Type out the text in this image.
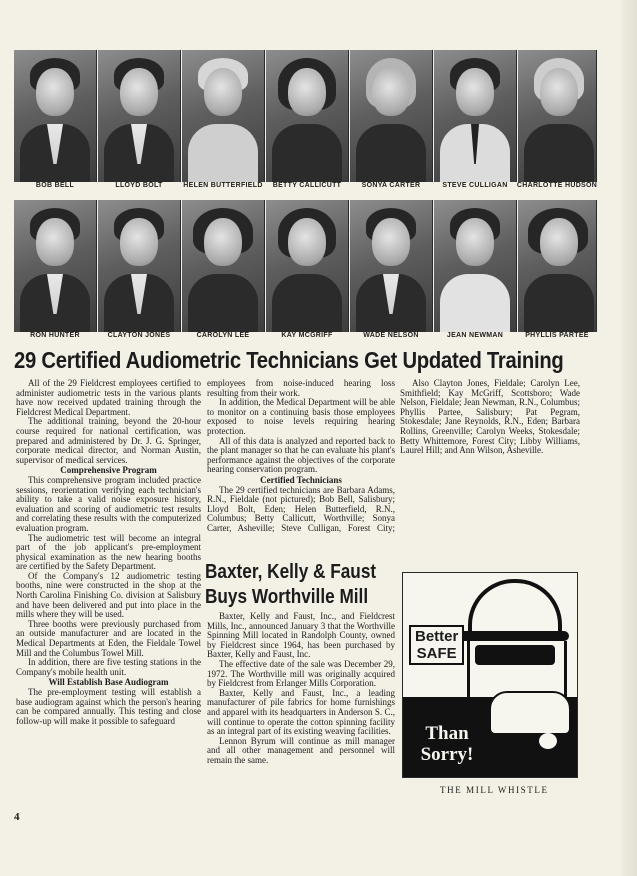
BOB BELL	LLOYD BOLT	HELEN BUTTERFIELD	BETTY CALLICUTT	SONYA CARTER	STEVE CULLIGAN	CHARLOTTE HUDSON
RON HUNTER	CLAYTON JONES	CAROLYN LEE	KAY MCGRIFF	WADE NELSON	JEAN NEWMAN	PHYLLIS PARTEE
29 Certified Audiometric Technicians Get Updated Training

All of the 29 Fieldcrest employees certified to administer audiometric tests in the various plants have now received updated training through the Fieldcrest Medical Department.

The additional training, beyond the 20-hour course required for national certification, was prepared and administered by Dr. J. G. Springer, corporate medical director, and Norman Austin, supervisor of medical services.

Comprehensive Program

This comprehensive program included practice sessions, reorientation verifying each technician's ability to take a valid noise exposure history, evaluation and scoring of audiometric test results and correlating these results with the computerized evaluation program.

The audiometric test will become an integral part of the job applicant's pre-employment physical examination as the new hearing booths are certified by the Safety Department.

Of the Company's 12 audiometric testing booths, nine were constructed in the shop at the North Carolina Finishing Co. division at Salisbury and have been delivered and put into place in the mills where they will be used.

Three booths were previously purchased from an outside manufacturer and are located in the Medical Departments at Eden, the Fieldale Towel Mill and the Columbus Towel Mill.

In addition, there are five testing stations in the Company's mobile health unit.

Will Establish Base Audiogram

The pre-employment testing will establish a base audiogram against which the person's hearing can be compared annually. This testing and close follow-up will make it possible to safeguard

employees from noise-induced hearing loss resulting from their work.

In addition, the Medical Department will be able to monitor on a continuing basis those employees exposed to noise levels requiring hearing protection.

All of this data is analyzed and reported back to the plant manager so that he can evaluate his plant's performance against the objectives of the corporate hearing conservation program.

Certified Technicians

The 29 certified technicians are Barbara Adams, R.N., Fieldale (not pictured); Bob Bell, Salisbury; Lloyd Bolt, Eden; Helen Butterfield, R.N., Columbus; Betty Callicutt, Worthville; Sonya Carter, Asheville; Steve Culligan, Forest City;

Also Clayton Jones, Fieldale; Carolyn Lee, Smithfield; Kay McGriff, Scottsboro; Wade Nelson, Fieldale; Jean Newman, R.N., Columbus; Phyllis Partee, Salisbury; Pat Pegram, Stokesdale; Jane Reynolds, R.N., Eden; Barbara Rollins, Greenville; Carolyn Weeks, Stokesdale; Betty Whittemore, Forest City; Libby Williams, Laurel Hill; and Ann Wilson, Asheville.

Baxter, Kelly & Faust
Buys Worthville Mill

Baxter, Kelly and Faust, Inc., and Fieldcrest Mills, Inc., announced January 3 that the Worthville Spinning Mill located in Randolph County, owned by Fieldcrest since 1964, has been purchased by Baxter, Kelly and Faust, Inc.

The effective date of the sale was December 29, 1972. The Worthville mill was originally acquired by Fieldcrest from Erlanger Mills Corporation.

Baxter, Kelly and Faust, Inc., a leading manufacturer of pile fabrics for home furnishings and apparel with its headquarters in Anderson S. C., will continue to operate the cotton spinning facility as an integral part of its existing weaving facilities.

Lennon Byrum will continue as mill manager and all other management and personnel will remain the same.

Better
SAFE
Than
Sorry!
4
THE MILL WHISTLE
